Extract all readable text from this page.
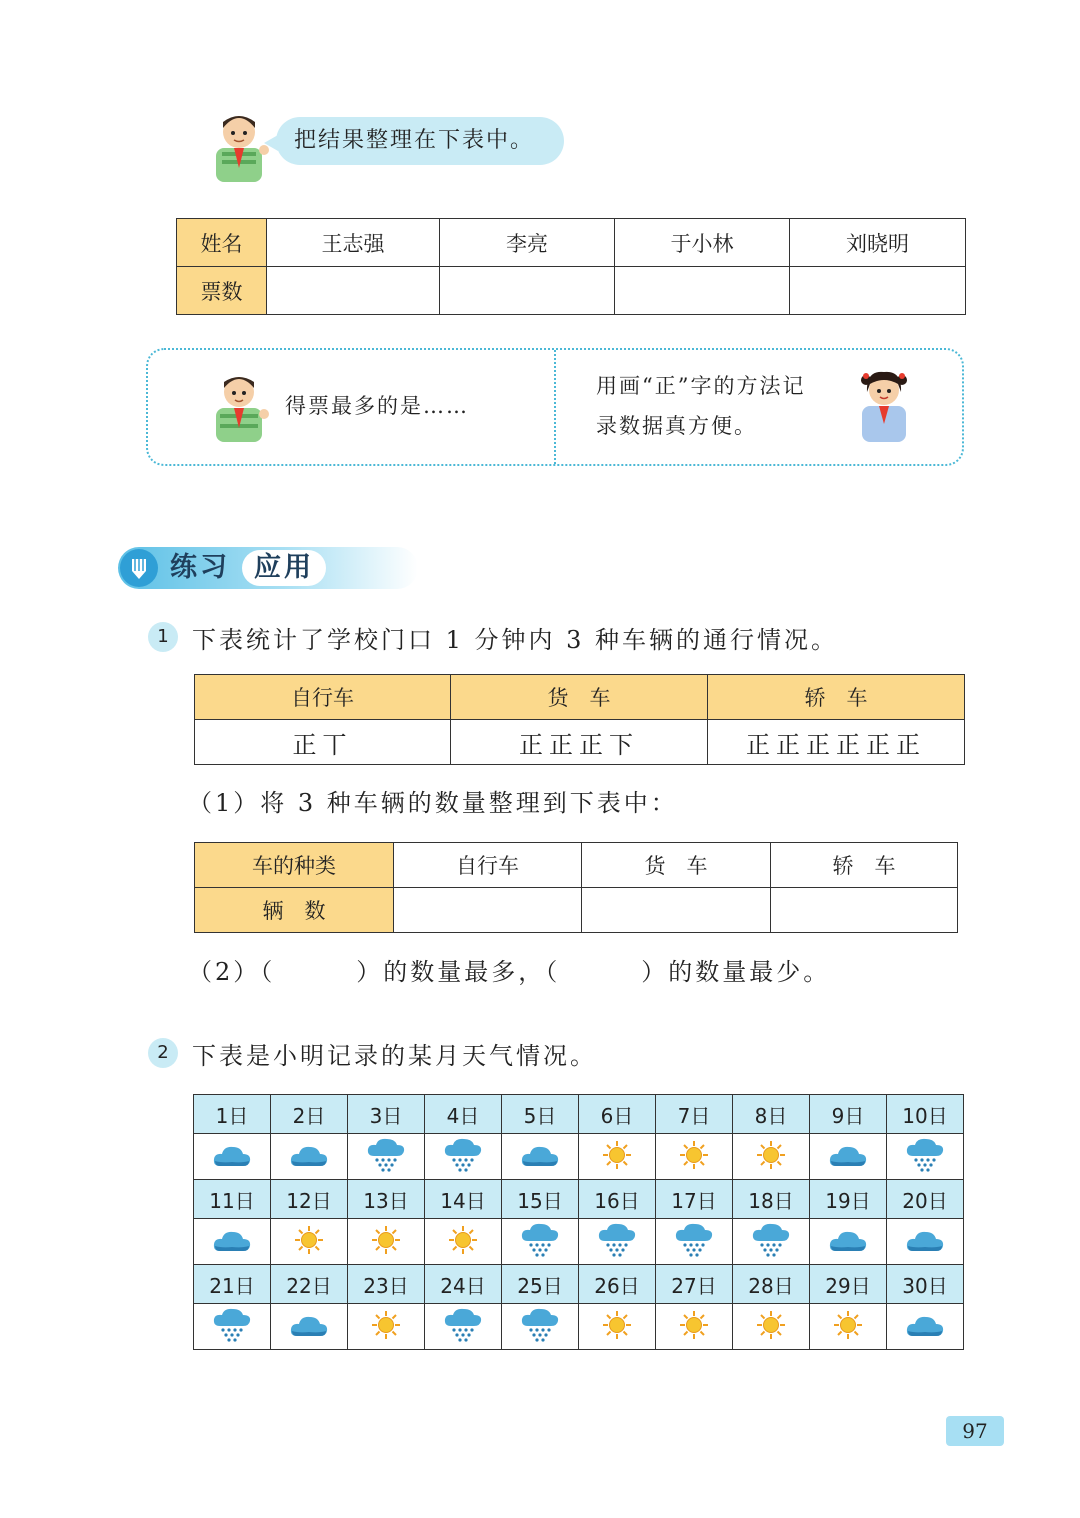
把结果整理在下表中。
姓名	王志强	李亮	于小林	刘晓明
票数				
得票最多的是……
用画“正”字的方法记
录数据真方便。
练习 应用
1 下表统计了学校门口 1 分钟内 3 种车辆的通行情况。
自行车	货　车	轿　车
正丅	正正正下	正正正正正正
（1）将 3 种车辆的数量整理到下表中：
车的种类	自行车	货　车	轿　车
辆　数			
（2）（　　　）的数量最多，（　　　）的数量最少。
2 下表是小明记录的某月天气情况。
1日	2日	3日	4日	5日	6日	7日	8日	9日	10日

11日	12日	13日	14日	15日	16日	17日	18日	19日	20日

21日	22日	23日	24日	25日	26日	27日	28日	29日	30日

97
